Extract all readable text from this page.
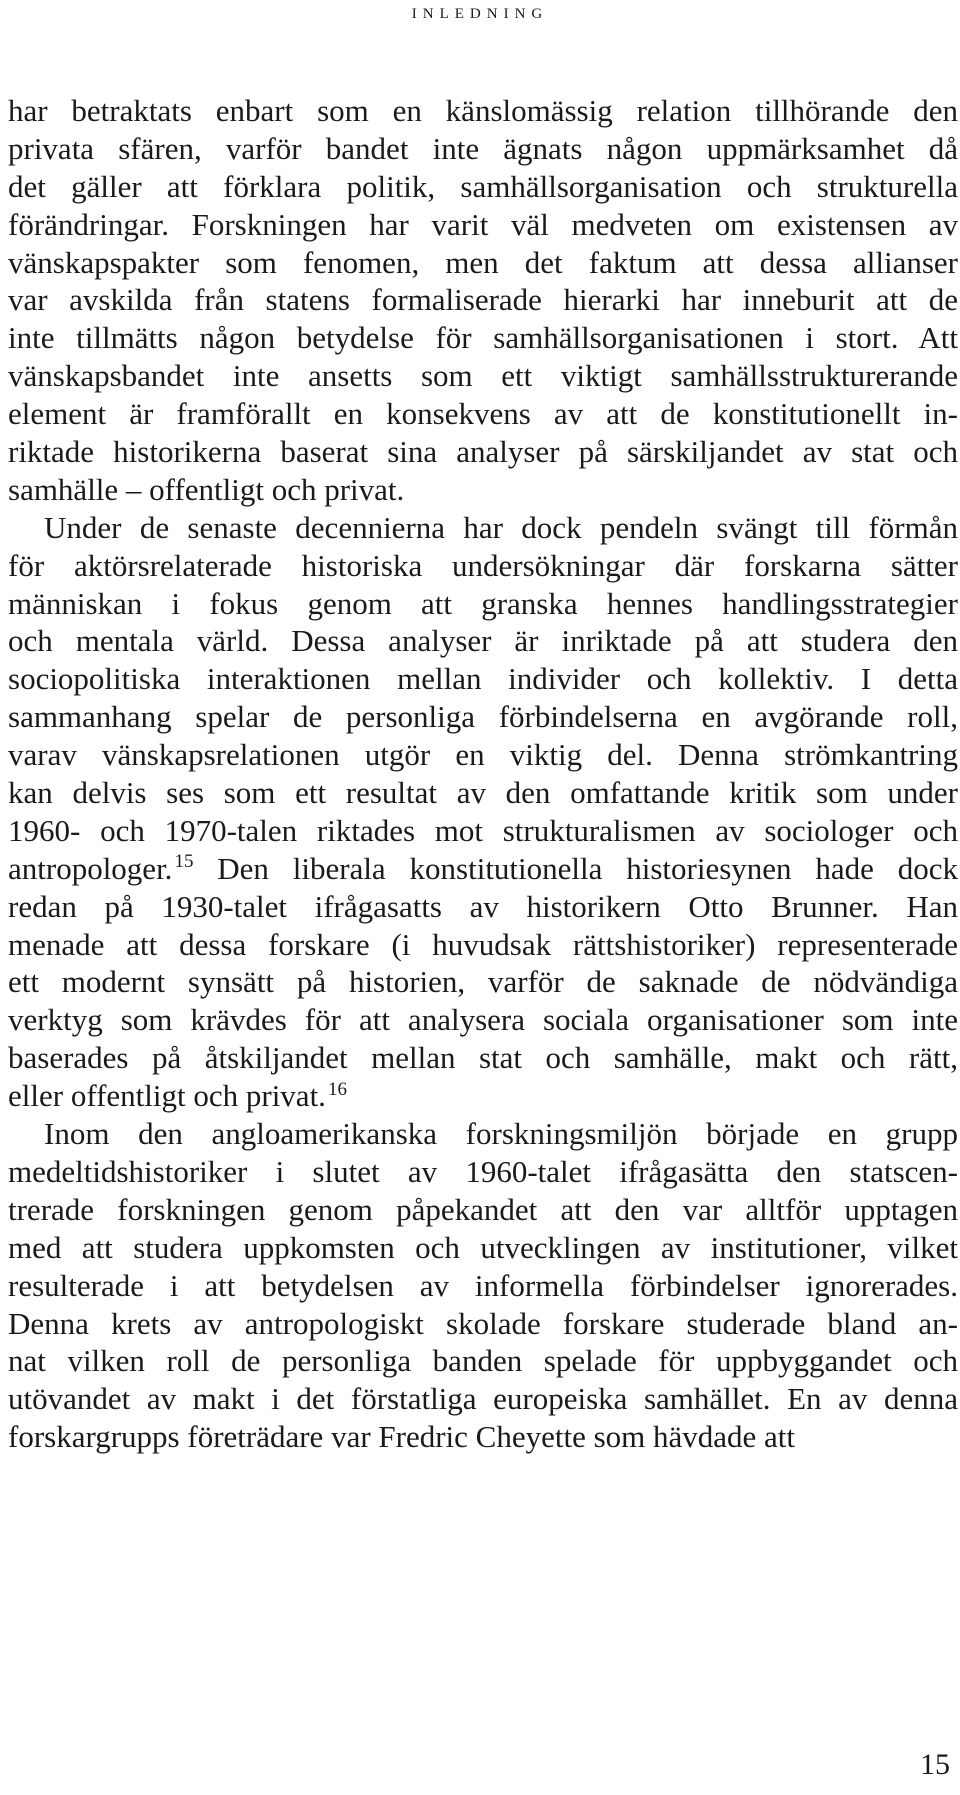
inledning
har betraktats enbart som en känslomässig relation tillhörande den
privata sfären, varför bandet inte ägnats någon uppmärksamhet då
det gäller att förklara politik, samhällsorganisation och strukturella
förändringar. Forskningen har varit väl medveten om existensen av
vänskapspakter som fenomen, men det faktum att dessa allianser
var avskilda från statens formaliserade hierarki har inneburit att de
inte tillmätts någon betydelse för samhällsorganisationen i stort. Att
vänskapsbandet inte ansetts som ett viktigt samhällsstrukturerande
element är framförallt en konsekvens av att de konstitutionellt in-
riktade historikerna baserat sina analyser på särskiljandet av stat och
samhälle – offentligt och privat.
Under de senaste decennierna har dock pendeln svängt till förmån
för aktörsrelaterade historiska undersökningar där forskarna sätter
människan i fokus genom att granska hennes handlingsstrategier
och mentala värld. Dessa analyser är inriktade på att studera den
sociopolitiska interaktionen mellan individer och kollektiv. I detta
sammanhang spelar de personliga förbindelserna en avgörande roll,
varav vänskapsrelationen utgör en viktig del. Denna strömkantring
kan delvis ses som ett resultat av den omfattande kritik som under
1960- och 1970-talen riktades mot strukturalismen av sociologer och
antropologer. $^{15}$ Den liberala konstitutionella historiesynen hade dock
redan på 1930-talet ifrågasatts av historikern Otto Brunner. Han
menade att dessa forskare (i huvudsak rättshistoriker) representerade
ett modernt synsätt på historien, varför de saknade de nödvändiga
verktyg som krävdes för att analysera sociala organisationer som inte
baserades på åtskiljandet mellan stat och samhälle, makt och rätt,
eller offentligt och privat. $^{16}$
Inom den angloamerikanska forskningsmiljön började en grupp
medeltidshistoriker i slutet av 1960-talet ifrågasätta den statscen-
trerade forskningen genom påpekandet att den var alltför upptagen
med att studera uppkomsten och utvecklingen av institutioner, vilket
resulterade i att betydelsen av informella förbindelser ignorerades.
Denna krets av antropologiskt skolade forskare studerade bland an-
nat vilken roll de personliga banden spelade för uppbyggandet och
utövandet av makt i det förstatliga europeiska samhället. En av denna
forskargrupps företrädare var Fredric Cheyette som hävdade att
15
